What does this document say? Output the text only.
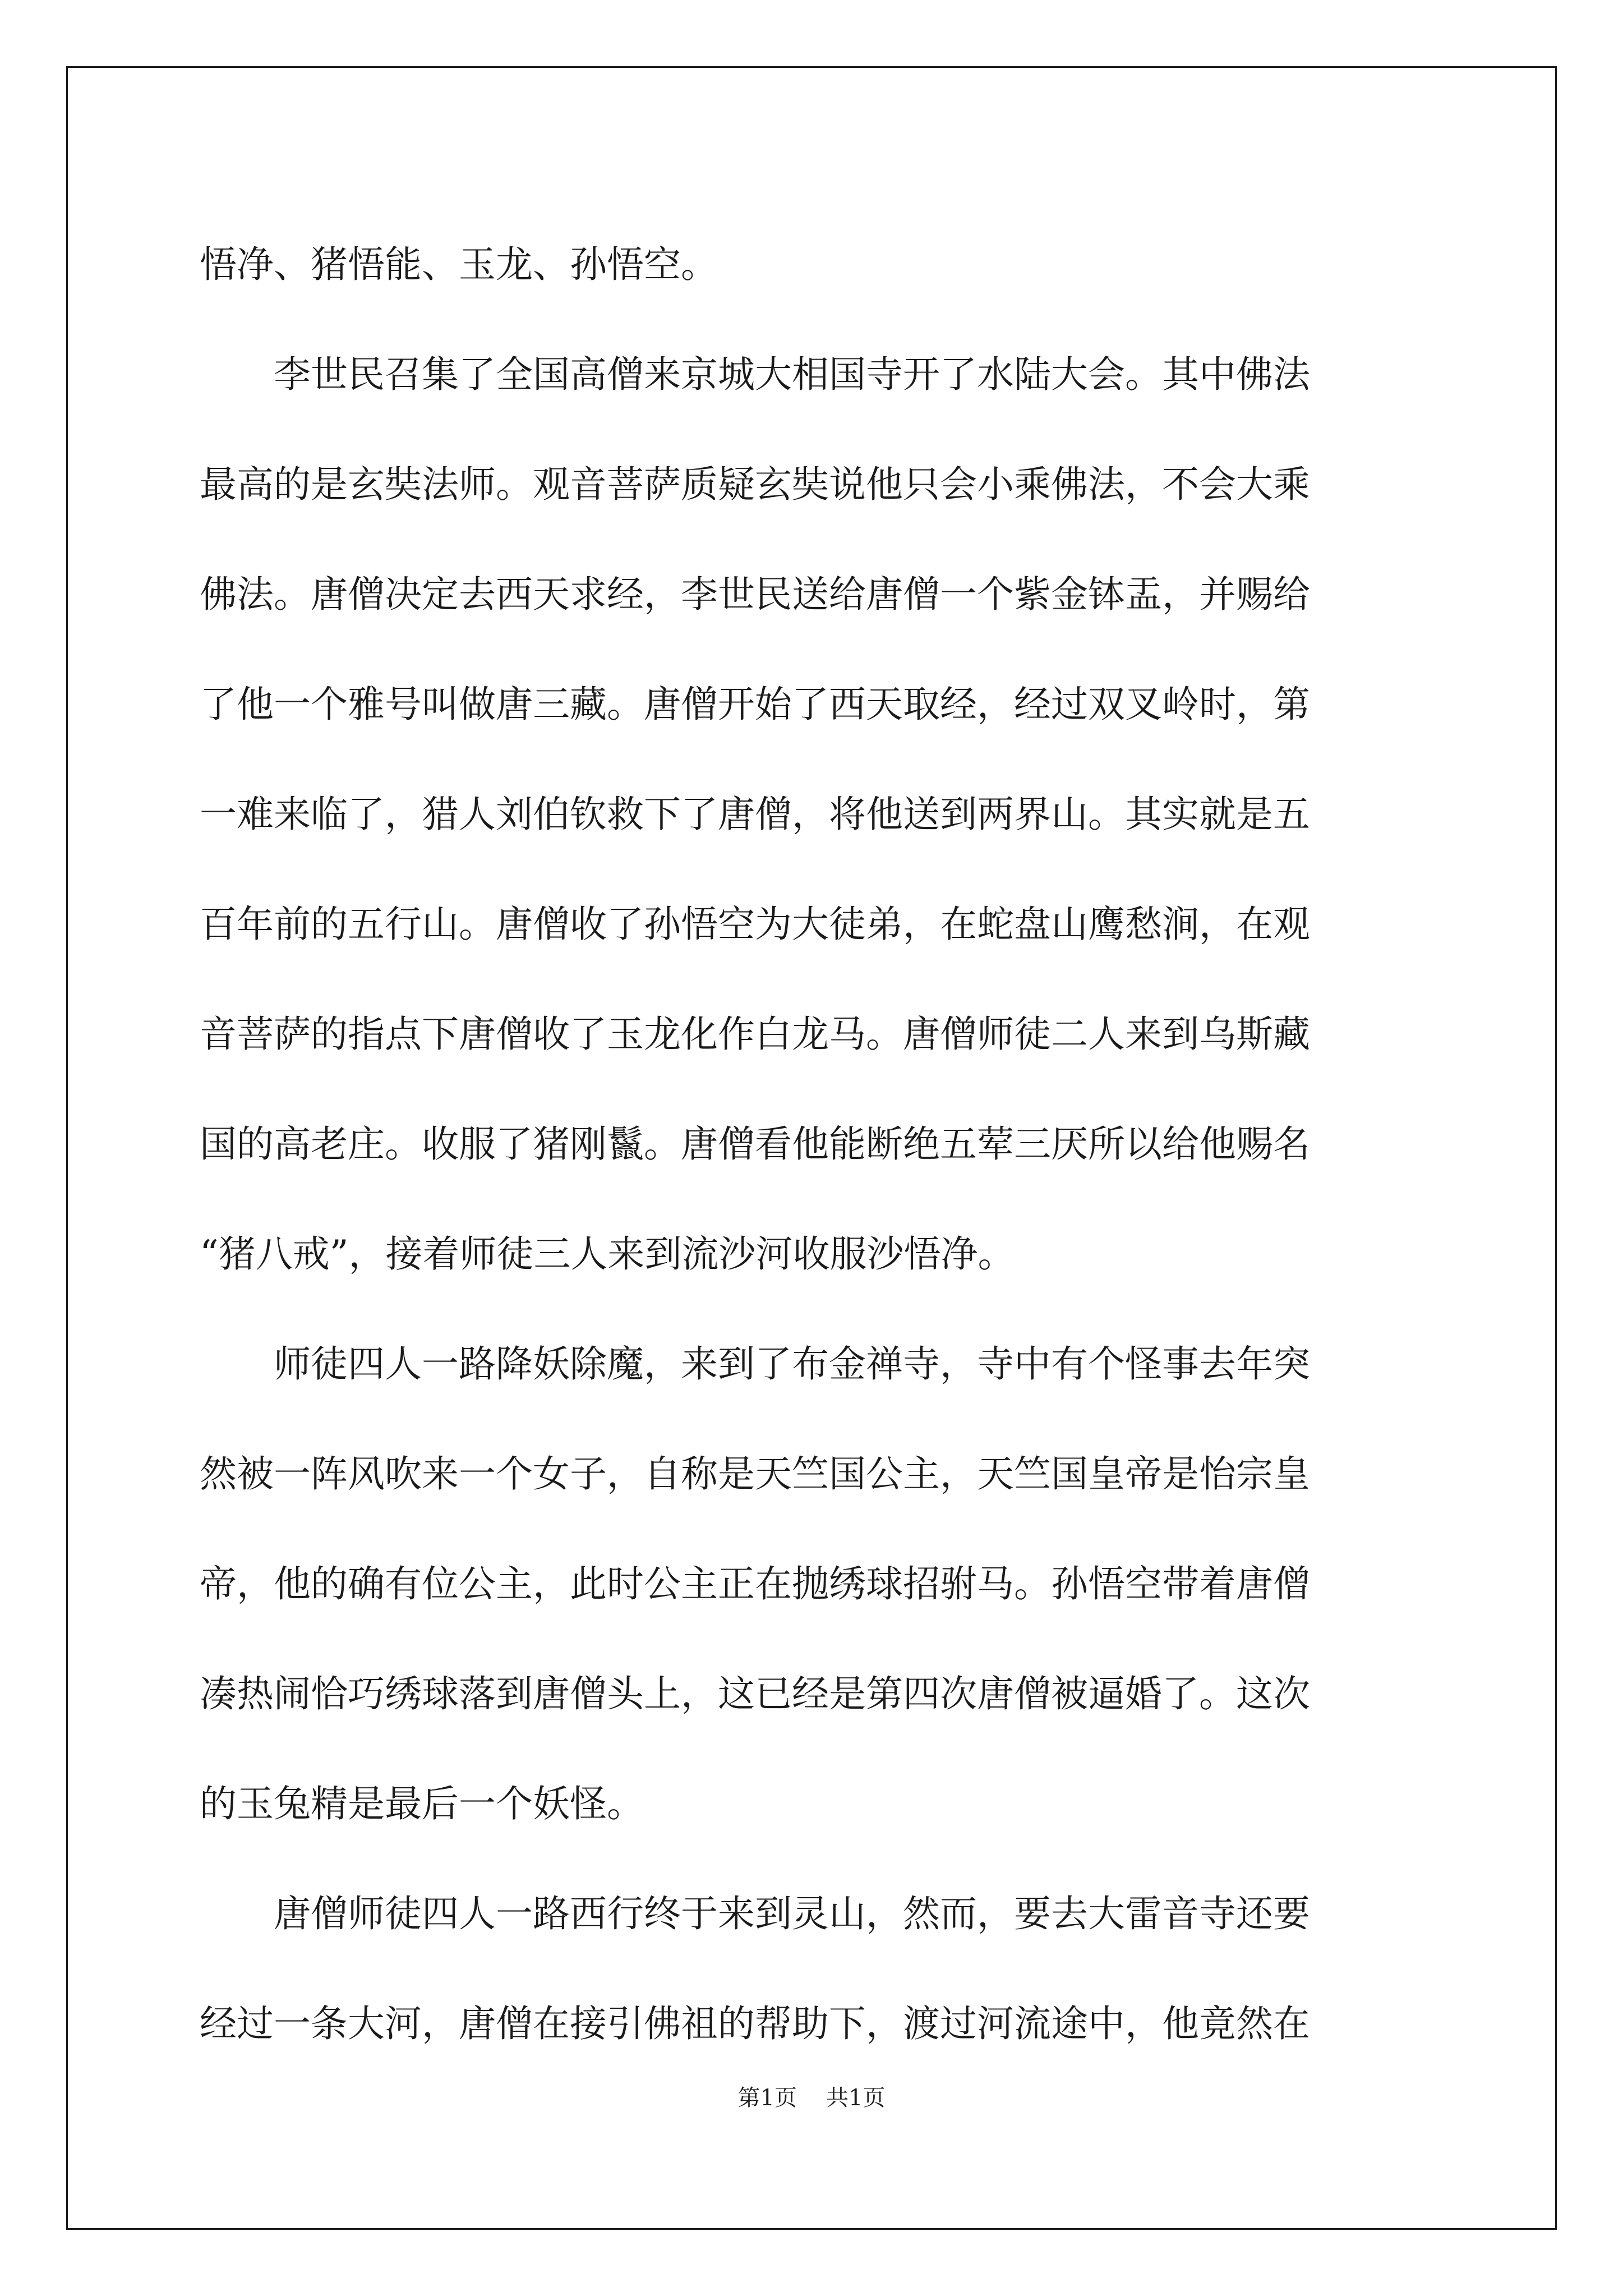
悟净、猪悟能、玉龙、孙悟空。
李世民召集了全国高僧来京城大相国寺开了水陆大会。其中佛法
最高的是玄奘法师。观音菩萨质疑玄奘说他只会小乘佛法，不会大乘
佛法。唐僧决定去西天求经，李世民送给唐僧一个紫金钵盂，并赐给
了他一个雅号叫做唐三藏。唐僧开始了西天取经，经过双叉岭时，第
一难来临了，猎人刘伯钦救下了唐僧，将他送到两界山。其实就是五
百年前的五行山。唐僧收了孙悟空为大徒弟，在蛇盘山鹰愁涧，在观
音菩萨的指点下唐僧收了玉龙化作白龙马。唐僧师徒二人来到乌斯藏
国的高老庄。收服了猪刚鬣。唐僧看他能断绝五荤三厌所以给他赐名
“猪八戒”，接着师徒三人来到流沙河收服沙悟净。
师徒四人一路降妖除魔，来到了布金禅寺，寺中有个怪事去年突
然被一阵风吹来一个女子，自称是天竺国公主，天竺国皇帝是怡宗皇
帝，他的确有位公主，此时公主正在抛绣球招驸马。孙悟空带着唐僧
凑热闹恰巧绣球落到唐僧头上，这已经是第四次唐僧被逼婚了。这次
的玉兔精是最后一个妖怪。
唐僧师徒四人一路西行终于来到灵山，然而，要去大雷音寺还要
经过一条大河，唐僧在接引佛祖的帮助下，渡过河流途中，他竟然在
第1页 共1页
